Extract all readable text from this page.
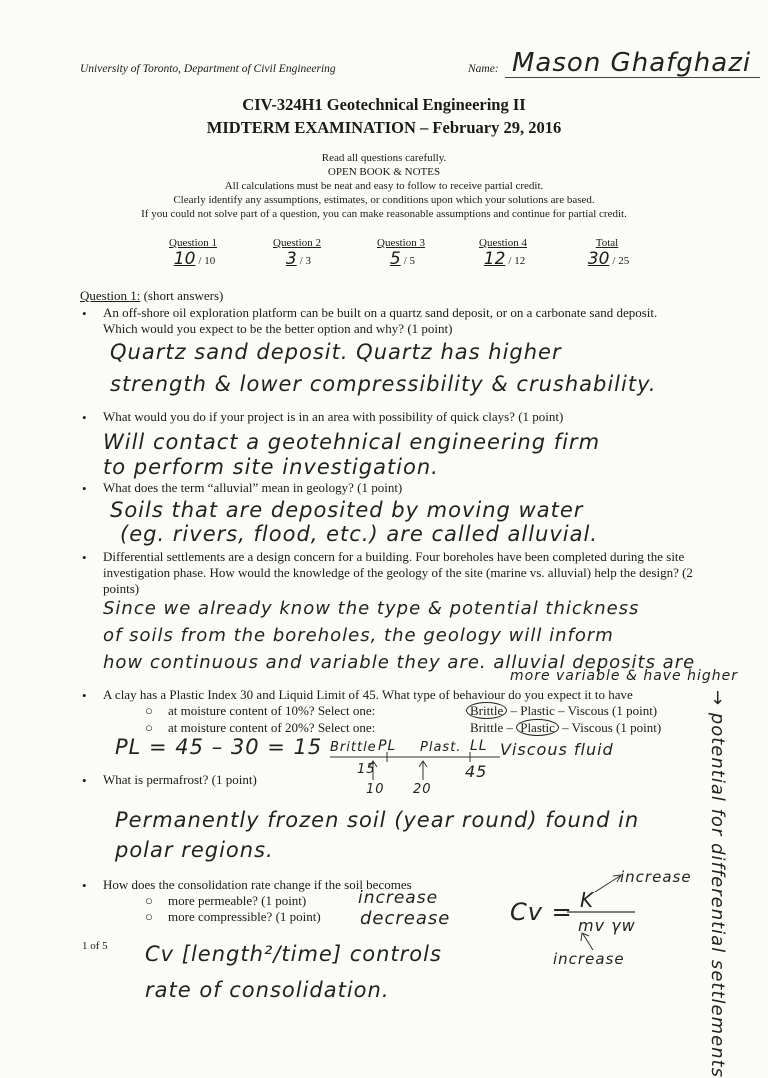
University of Toronto, Department of Civil Engineering	Name: Mason Ghafghazi
CIV-324H1 Geotechnical Engineering II
MIDTERM EXAMINATION – February 29, 2016
Read all questions carefully.
OPEN BOOK & NOTES
All calculations must be neat and easy to follow to receive partial credit.
Clearly identify any assumptions, estimates, or conditions upon which your solutions are based.
If you could not solve part of a question, you can make reasonable assumptions and continue for partial credit.
Question 1	Question 2	Question 3	Question 4	Total
10 / 10	3 / 3	5 / 5	12 / 12	30 / 25
Question 1: (short answers)
• An off-shore oil exploration platform can be built on a quartz sand deposit, or on a carbonate sand deposit. Which would you expect to be the better option and why? (1 point)
Quartz sand deposit. Quartz has higher
strength & lower compressibility & crushability.
• What would you do if your project is in an area with possibility of quick clays? (1 point)
Will contact a geotehnical engineering firm
to perform site investigation.
• What does the term “alluvial” mean in geology? (1 point)
Soils that are deposited by moving water
(eg. rivers, flood, etc.) are called alluvial.
• Differential settlements are a design concern for a building. Four boreholes have been completed during the site investigation phase. How would the knowledge of the geology of the site (marine vs. alluvial) help the design? (2 points)
Since we already know the type & potential thickness
of soils from the boreholes, the geology will inform
how continuous and variable they are. alluvial deposits are
more variable & have higher
→ potential for differential settlements
• A clay has a Plastic Index 30 and Liquid Limit of 45. What type of behaviour do you expect it to have
○ at moisture content of 10%? Select one:	Brittle – Plastic – Viscous (1 point)
○ at moisture content of 20%? Select one:	Brittle – Plastic – Viscous (1 point)
PL = 45 – 30 = 15 Brittle PL Plast. LL Viscous fluid
15	45
10 20
• What is permafrost? (1 point)
Permanently frozen soil (year round) found in
polar regions.
• How does the consolidation rate change if the soil becomes
○ more permeable? (1 point)	increase
○ more compressible? (1 point) decrease Cv = K
increase
mv γw
increase
1 of 5 Cv [length²/time] controls
rate of consolidation.
